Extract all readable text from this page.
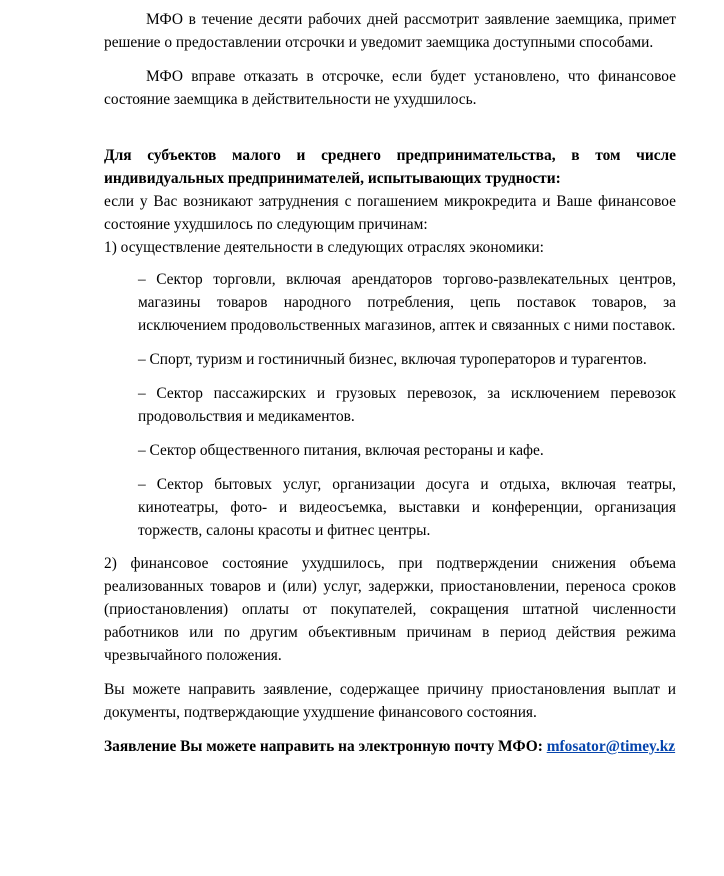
МФО в течение десяти рабочих дней рассмотрит заявление заемщика, примет решение о предоставлении отсрочки и уведомит заемщика доступными способами.

МФО вправе отказать в отсрочке, если будет установлено, что финансовое состояние заемщика в действительности не ухудшилось.

Для субъектов малого и среднего предпринимательства, в том числе индивидуальных предпринимателей, испытывающих трудности:

если у Вас возникают затруднения с погашением микрокредита и Ваше финансовое состояние ухудшилось по следующим причинам:

1) осуществление деятельности в следующих отраслях экономики:

– Сектор торговли, включая арендаторов торгово-развлекательных центров, магазины товаров народного потребления, цепь поставок товаров, за исключением продовольственных магазинов, аптек и связанных с ними поставок.
– Спорт, туризм и гостиничный бизнес, включая туроператоров и турагентов.
– Сектор пассажирских и грузовых перевозок, за исключением перевозок продовольствия и медикаментов.
– Сектор общественного питания, включая рестораны и кафе.
– Сектор бытовых услуг, организации досуга и отдыха, включая театры, кинотеатры, фото- и видеосъемка, выставки и конференции, организация торжеств, салоны красоты и фитнес центры.

2) финансовое состояние ухудшилось, при подтверждении снижения объема реализованных товаров и (или) услуг, задержки, приостановлении, переноса сроков (приостановления) оплаты от покупателей, сокращения штатной численности работников или по другим объективным причинам в период действия режима чрезвычайного положения.

Вы можете направить заявление, содержащее причину приостановления выплат и документы, подтверждающие ухудшение финансового состояния.

Заявление Вы можете направить на электронную почту МФО: mfosator@timey.kz
